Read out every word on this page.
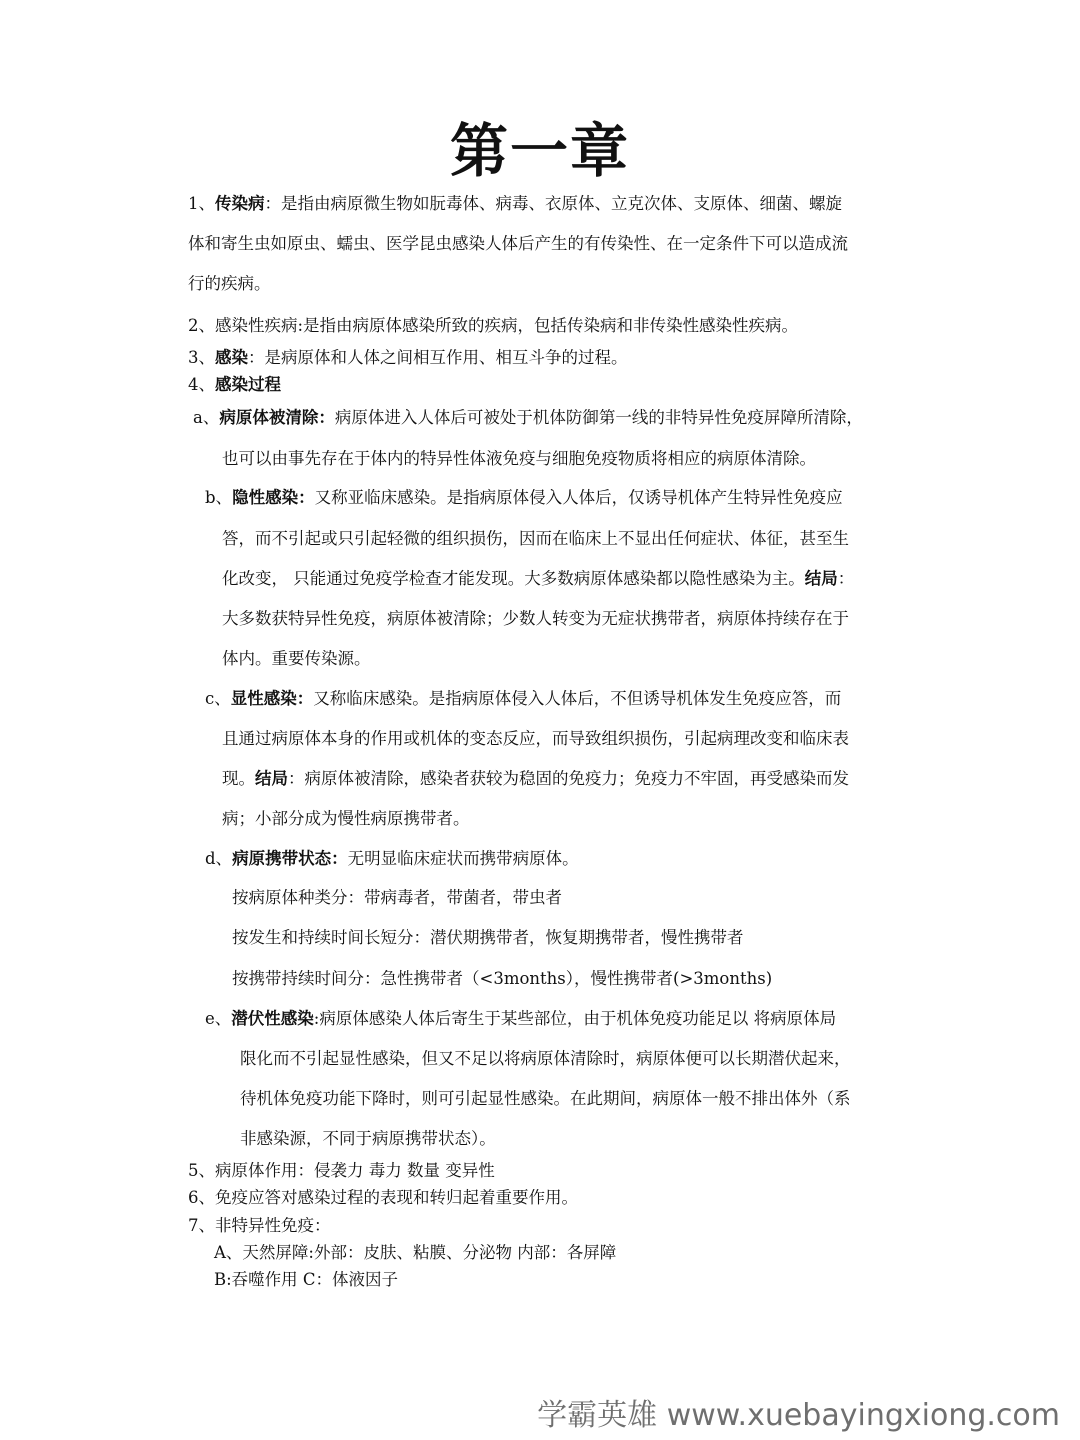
第一章

1、传染病：是指由病原微生物如朊毒体、病毒、衣原体、立克次体、支原体、细菌、螺旋

体和寄生虫如原虫、蠕虫、医学昆虫感染人体后产生的有传染性、在一定条件下可以造成流

行的疾病。

2、感染性疾病:是指由病原体感染所致的疾病，包括传染病和非传染性感染性疾病。

3、感染：是病原体和人体之间相互作用、相互斗争的过程。

4、感染过程

a、病原体被清除：病原体进入人体后可被处于机体防御第一线的非特异性免疫屏障所清除，

也可以由事先存在于体内的特异性体液免疫与细胞免疫物质将相应的病原体清除。

b、隐性感染：又称亚临床感染。是指病原体侵入人体后，仅诱导机体产生特异性免疫应

答，而不引起或只引起轻微的组织损伤，因而在临床上不显出任何症状、体征，甚至生

化改变， 只能通过免疫学检查才能发现。大多数病原体感染都以隐性感染为主。结局：

大多数获特异性免疫，病原体被清除；少数人转变为无症状携带者，病原体持续存在于

体内。重要传染源。

c、显性感染：又称临床感染。是指病原体侵入人体后，不但诱导机体发生免疫应答，而

且通过病原体本身的作用或机体的变态反应，而导致组织损伤，引起病理改变和临床表

现。结局：病原体被清除，感染者获较为稳固的免疫力；免疫力不牢固，再受感染而发

病；小部分成为慢性病原携带者。

d、病原携带状态：无明显临床症状而携带病原体。

按病原体种类分：带病毒者，带菌者，带虫者

按发生和持续时间长短分：潜伏期携带者，恢复期携带者，慢性携带者

按携带持续时间分：急性携带者（<3months），慢性携带者(>3months)

e、潜伏性感染:病原体感染人体后寄生于某些部位，由于机体免疫功能足以 将病原体局

限化而不引起显性感染，但又不足以将病原体清除时，病原体便可以长期潜伏起来，

待机体免疫功能下降时，则可引起显性感染。在此期间，病原体一般不排出体外（系

非感染源，不同于病原携带状态）。

5、病原体作用：侵袭力 毒力 数量 变异性

6、免疫应答对感染过程的表现和转归起着重要作用。

7、非特异性免疫：

A、天然屏障:外部：皮肤、粘膜、分泌物 内部：各屏障

B:吞噬作用 C：体液因子

学霸英雄 www.xuebayingxiong.com
